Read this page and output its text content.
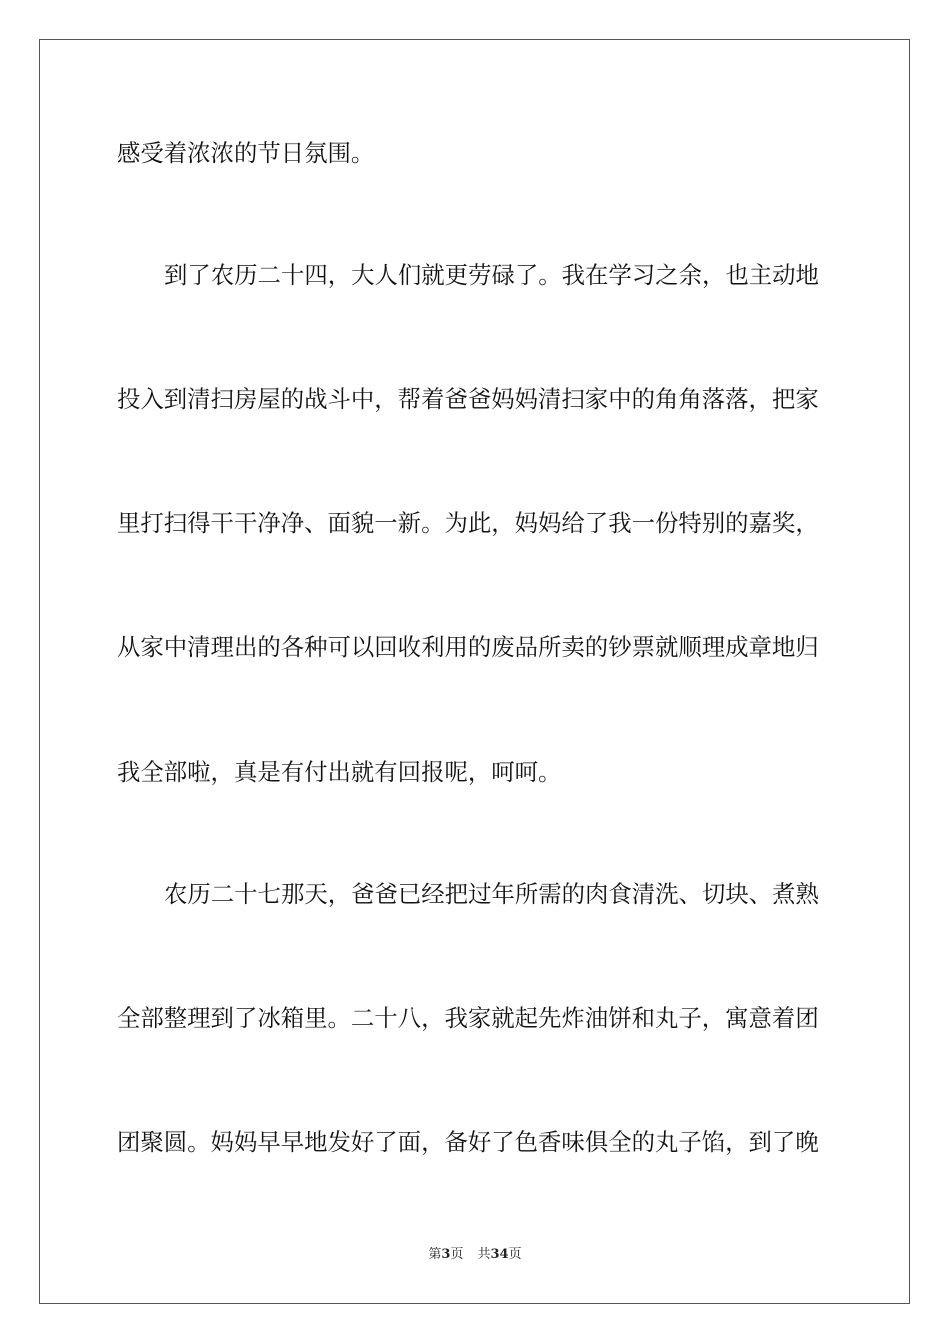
感受着浓浓的节日氛围。
到了农历二十四，大人们就更劳碌了。我在学习之余，也主动地
投入到清扫房屋的战斗中，帮着爸爸妈妈清扫家中的角角落落，把家
里打扫得干干净净、面貌一新。为此，妈妈给了我一份特别的嘉奖，
从家中清理出的各种可以回收利用的废品所卖的钞票就顺理成章地归
我全部啦，真是有付出就有回报呢，呵呵。
农历二十七那天，爸爸已经把过年所需的肉食清洗、切块、煮熟
全部整理到了冰箱里。二十八，我家就起先炸油饼和丸子，寓意着团
团聚圆。妈妈早早地发好了面，备好了色香味俱全的丸子馅，到了晚
第3页 共34页
